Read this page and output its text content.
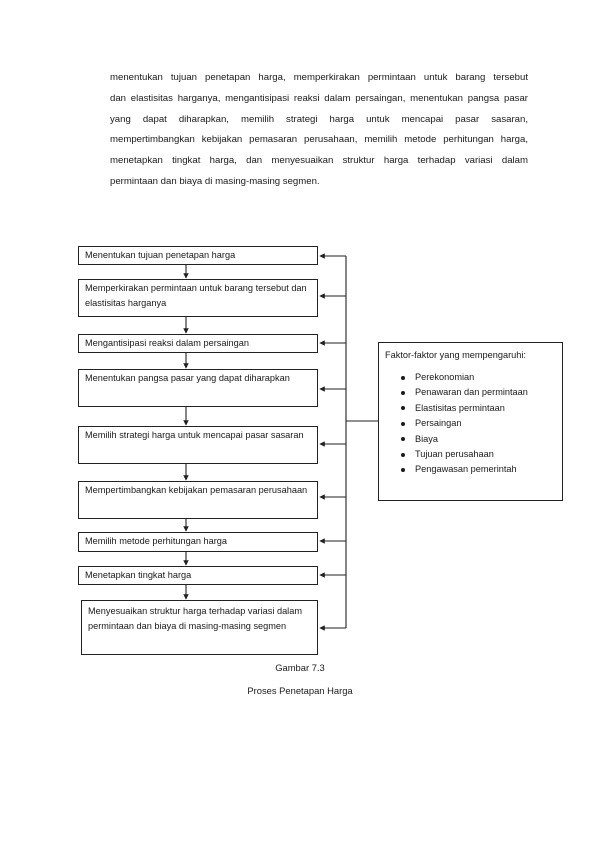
menentukan tujuan penetapan harga, memperkirakan permintaan untuk barang tersebut
dan elastisitas harganya, mengantisipasi reaksi dalam persaingan, menentukan pangsa pasar
yang dapat diharapkan, memilih strategi harga untuk mencapai pasar sasaran,
mempertimbangkan kebijakan pemasaran perusahaan, memilih metode perhitungan harga,
menetapkan tingkat harga, dan menyesuaikan struktur harga terhadap variasi dalam
permintaan dan biaya di masing-masing segmen.
Menentukan tujuan penetapan harga
Memperkirakan permintaan untuk barang tersebut dan elastisitas harganya
Mengantisipasi reaksi dalam persaingan
Menentukan pangsa pasar yang dapat diharapkan
Memilih strategi harga untuk mencapai pasar sasaran
Mempertimbangkan kebijakan pemasaran perusahaan
Memilih metode perhitungan harga
Menetapkan tingkat harga
Menyesuaikan struktur harga terhadap variasi dalam permintaan dan biaya di masing-masing segmen
Faktor-faktor yang mempengaruhi:
Perekonomian
Penawaran dan permintaan
Elastisitas permintaan
Persaingan
Biaya
Tujuan perusahaan
Pengawasan pemerintah
Gambar 7.3
Proses Penetapan Harga
